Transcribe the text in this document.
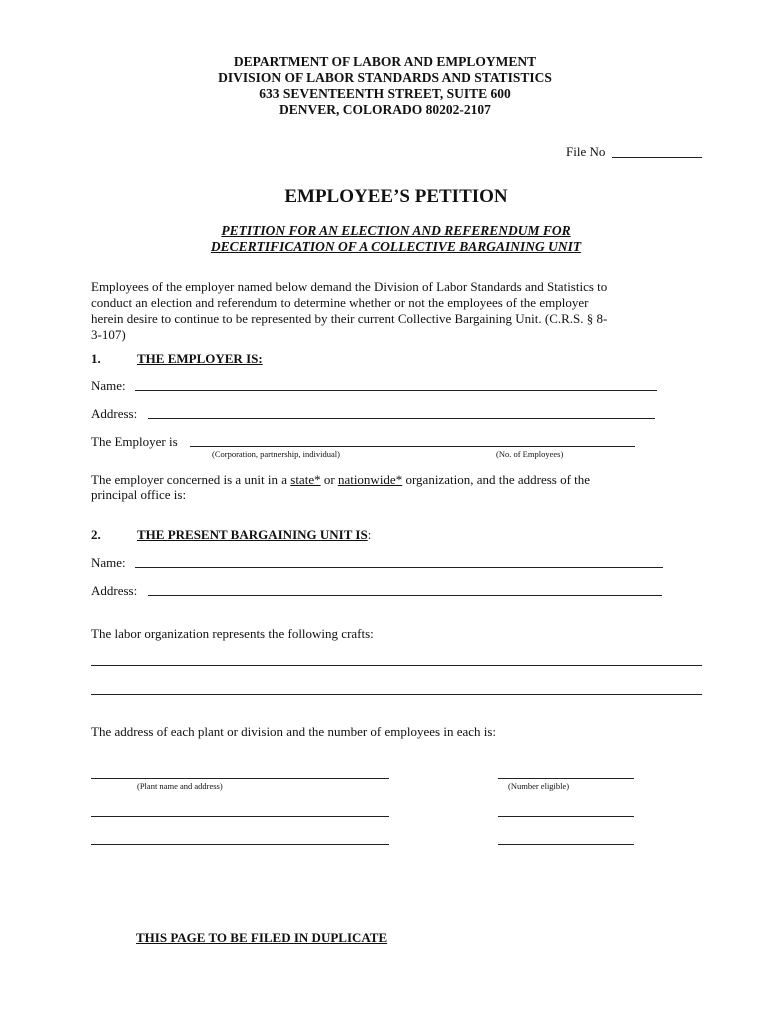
DEPARTMENT OF LABOR AND EMPLOYMENT
DIVISION OF LABOR STANDARDS AND STATISTICS
633 SEVENTEENTH STREET, SUITE 600
DENVER, COLORADO 80202-2107
File No
EMPLOYEE’S PETITION
PETITION FOR AN ELECTION AND REFERENDUM FOR
DECERTIFICATION OF A COLLECTIVE BARGAINING UNIT
Employees of the employer named below demand the Division of Labor Standards and Statistics to
conduct an election and referendum to determine whether or not the employees of the employer
herein desire to continue to be represented by their current Collective Bargaining Unit. (C.R.S. § 8-
3-107)
1.	THE EMPLOYER IS:
Name:
Address:
The Employer is
(Corporation, partnership, individual)	(No. of Employees)
The employer concerned is a unit in a state* or nationwide* organization, and the address of the
principal office is:
2.	THE PRESENT BARGAINING UNIT IS:
Name:
Address:
The labor organization represents the following crafts:
The address of each plant or division and the number of employees in each is:
(Plant name and address)	(Number eligible)
THIS PAGE TO BE FILED IN DUPLICATE
